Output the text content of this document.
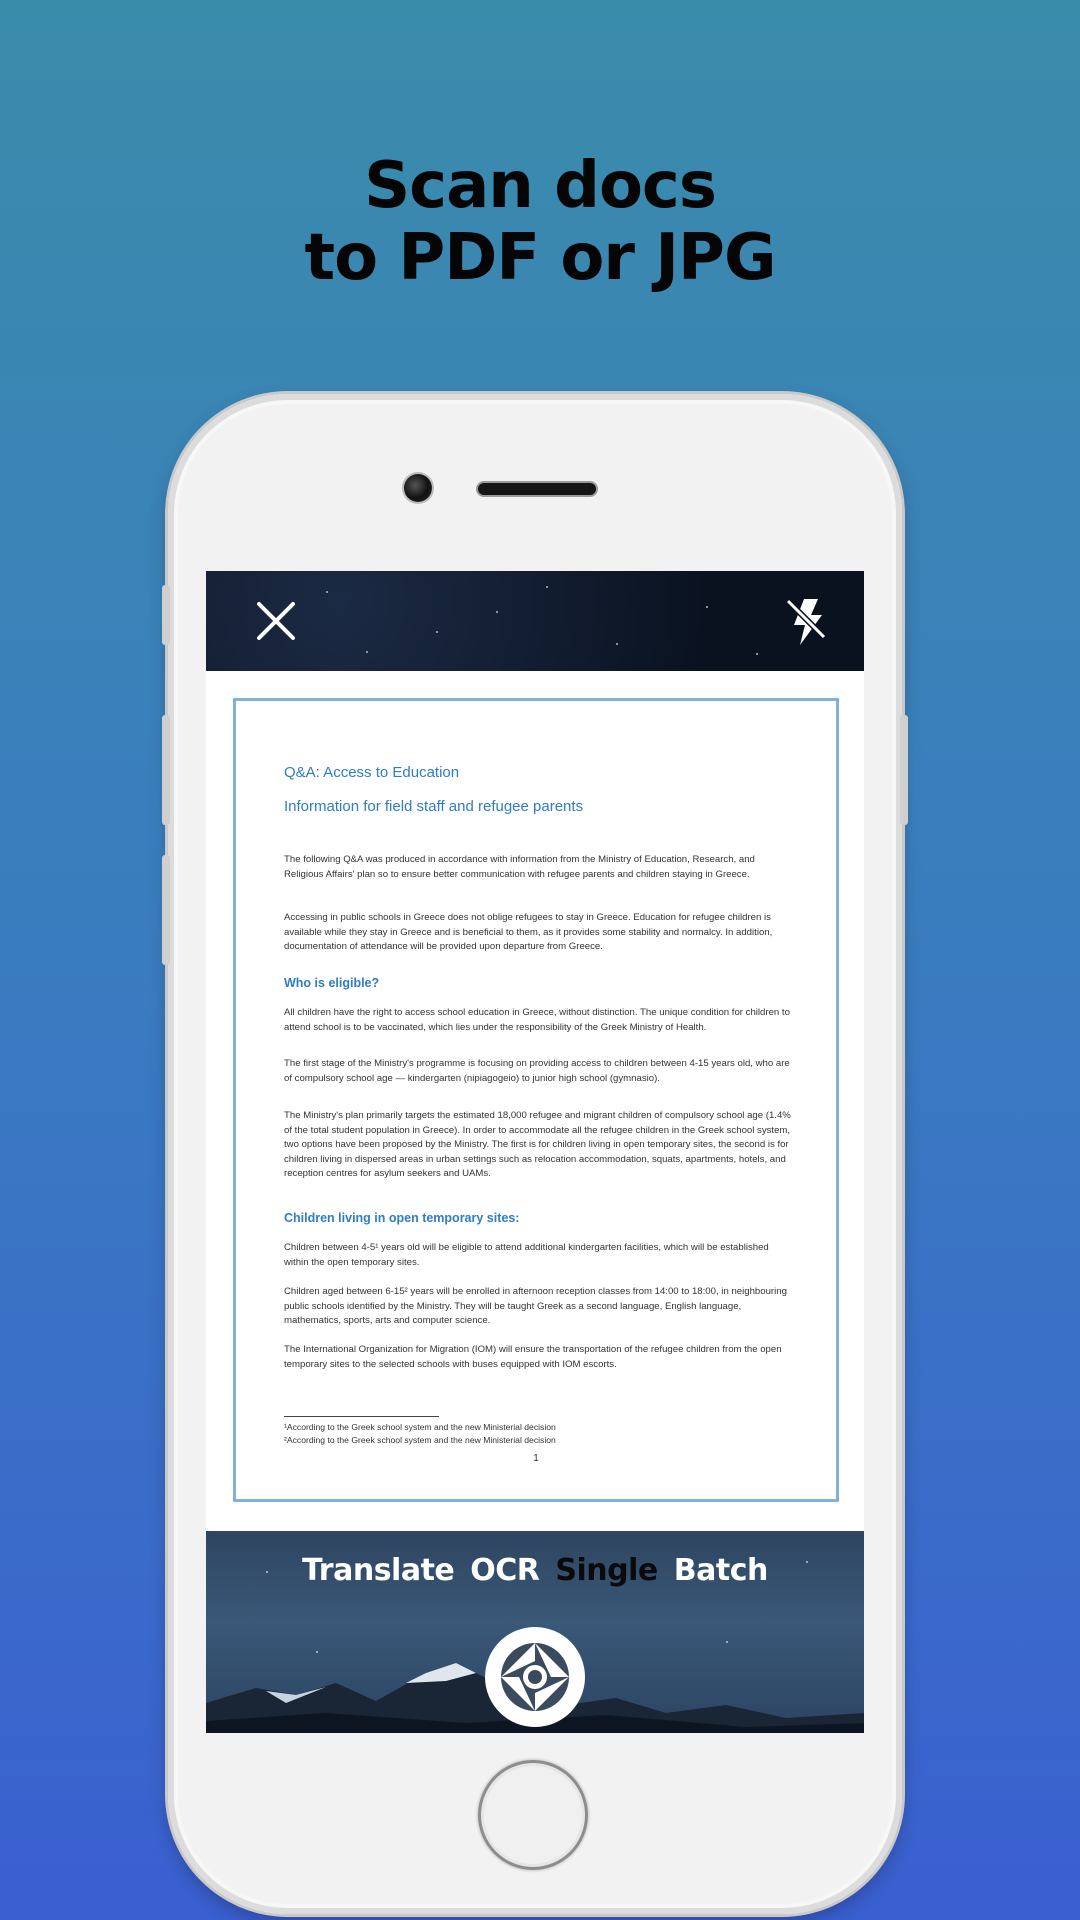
Scan docs
to PDF or JPG
Q&A: Access to Education
Information for field staff and refugee parents
The following Q&A was produced in accordance with information from the Ministry of Education, Research, and Religious Affairs' plan so to ensure better communication with refugee parents and children staying in Greece.
Accessing in public schools in Greece does not oblige refugees to stay in Greece. Education for refugee children is available while they stay in Greece and is beneficial to them, as it provides some stability and normalcy. In addition, documentation of attendance will be provided upon departure from Greece.
Who is eligible?
All children have the right to access school education in Greece, without distinction. The unique condition for children to attend school is to be vaccinated, which lies under the responsibility of the Greek Ministry of Health.
The first stage of the Ministry's programme is focusing on providing access to children between 4-15 years old, who are of compulsory school age — kindergarten (nipiagogeio) to junior high school (gymnasio).
The Ministry's plan primarily targets the estimated 18,000 refugee and migrant children of compulsory school age (1.4% of the total student population in Greece). In order to accommodate all the refugee children in the Greek school system, two options have been proposed by the Ministry. The first is for children living in open temporary sites, the second is for children living in dispersed areas in urban settings such as relocation accommodation, squats, apartments, hotels, and reception centres for asylum seekers and UAMs.
Children living in open temporary sites:
Children between 4-5¹ years old will be eligible to attend additional kindergarten facilities, which will be established within the open temporary sites.
Children aged between 6-15² years will be enrolled in afternoon reception classes from 14:00 to 18:00, in neighbouring public schools identified by the Ministry. They will be taught Greek as a second language, English language, mathematics, sports, arts and computer science.
The International Organization for Migration (IOM) will ensure the transportation of the refugee children from the open temporary sites to the selected schools with buses equipped with IOM escorts.
¹According to the Greek school system and the new Ministerial decision
²According to the Greek school system and the new Ministerial decision
1
Translate OCR Single Batch
